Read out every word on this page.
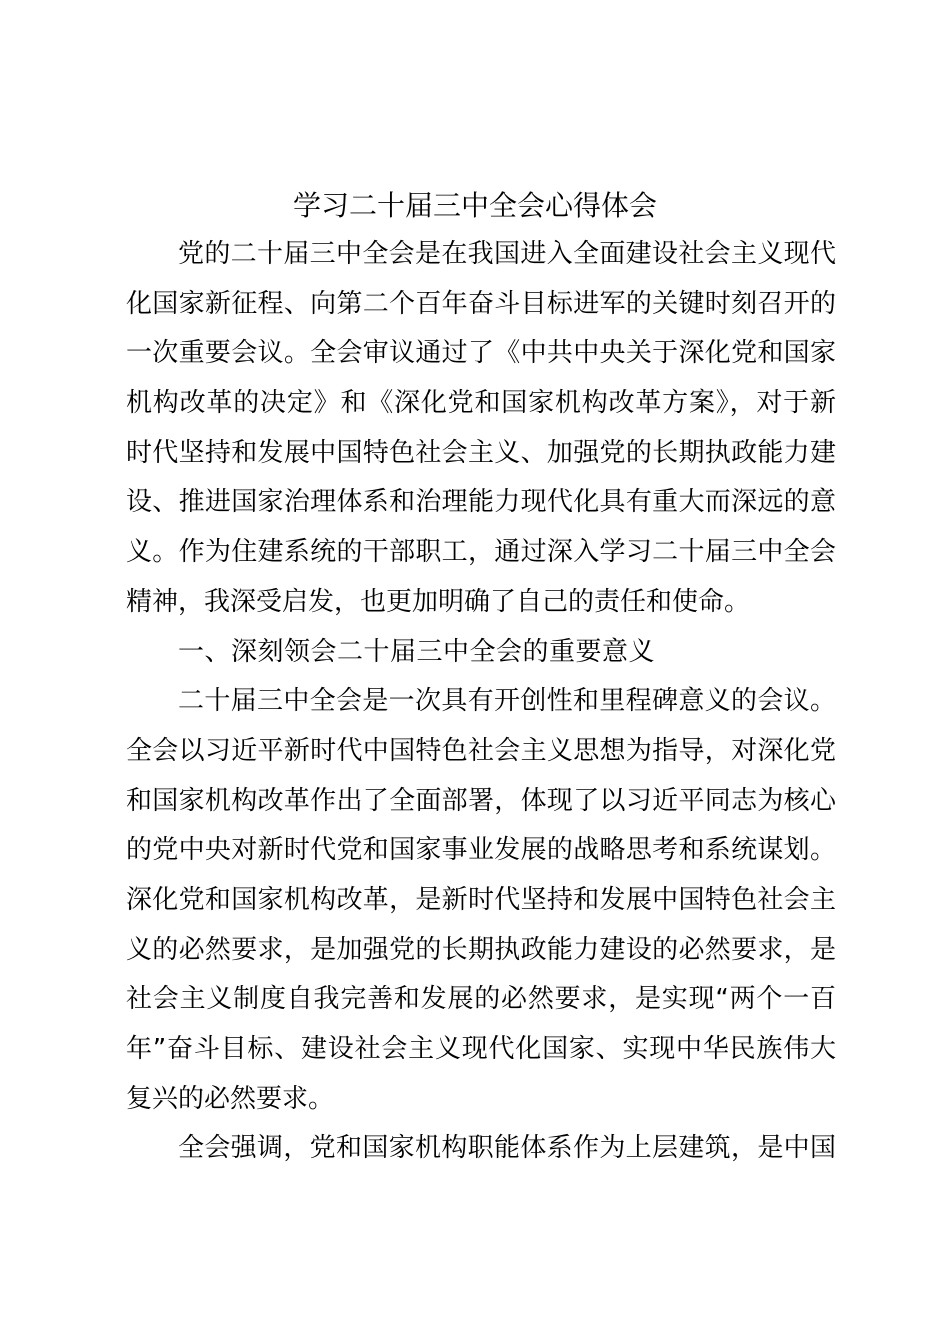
学习二十届三中全会心得体会
党的二十届三中全会是在我国进入全面建设社会主义现代
化国家新征程、向第二个百年奋斗目标进军的关键时刻召开的
一次重要会议。全会审议通过了《中共中央关于深化党和国家
机构改革的决定》和《深化党和国家机构改革方案》，对于新
时代坚持和发展中国特色社会主义、加强党的长期执政能力建
设、推进国家治理体系和治理能力现代化具有重大而深远的意
义。作为住建系统的干部职工，通过深入学习二十届三中全会
精神，我深受启发，也更加明确了自己的责任和使命。
一、深刻领会二十届三中全会的重要意义
二十届三中全会是一次具有开创性和里程碑意义的会议。
全会以习近平新时代中国特色社会主义思想为指导，对深化党
和国家机构改革作出了全面部署，体现了以习近平同志为核心
的党中央对新时代党和国家事业发展的战略思考和系统谋划。
深化党和国家机构改革，是新时代坚持和发展中国特色社会主
义的必然要求，是加强党的长期执政能力建设的必然要求，是
社会主义制度自我完善和发展的必然要求，是实现“两个一百
年”奋斗目标、建设社会主义现代化国家、实现中华民族伟大
复兴的必然要求。
全会强调，党和国家机构职能体系作为上层建筑，是中国
